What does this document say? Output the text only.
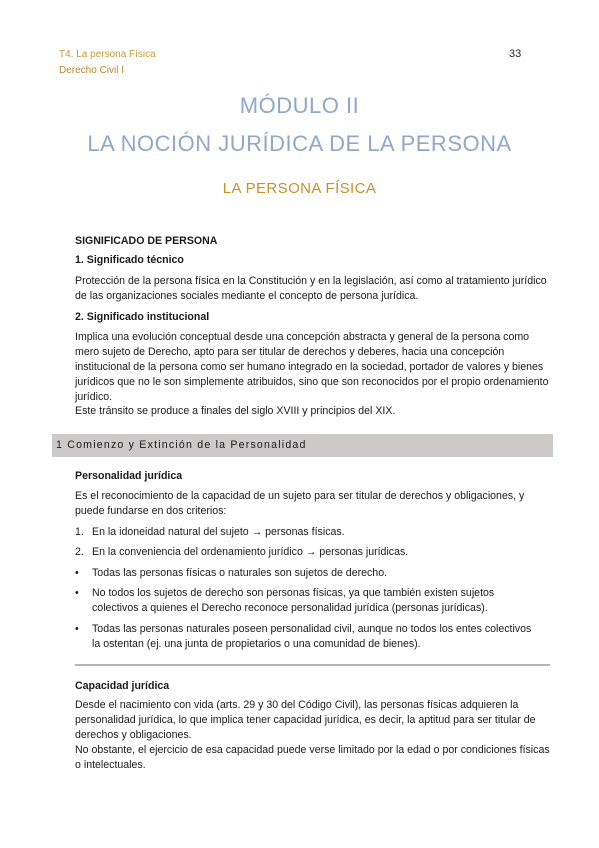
T4. La persona Física
Derecho Civil I
33
MÓDULO II
LA NOCIÓN JURÍDICA DE LA PERSONA
LA PERSONA FÍSICA
SIGNIFICADO DE PERSONA
1. Significado técnico
Protección de la persona física en la Constitución y en la legislación, así como al tratamiento jurídico de las organizaciones sociales mediante el concepto de persona jurídica.
2. Significado institucional
Implica una evolución conceptual desde una concepción abstracta y general de la persona como mero sujeto de Derecho, apto para ser titular de derechos y deberes, hacia una concepción institucional de la persona como ser humano integrado en la sociedad, portador de valores y bienes jurídicos que no le son simplemente atribuidos, sino que son reconocidos por el propio ordenamiento jurídico.
Este tránsito se produce a finales del siglo XVIII y principios del XIX.
1 Comienzo y Extinción de la Personalidad
Personalidad jurídica
Es el reconocimiento de la capacidad de un sujeto para ser titular de derechos y obligaciones, y puede fundarse en dos criterios:
1. En la idoneidad natural del sujeto → personas físicas.
2. En la conveniencia del ordenamiento jurídico → personas jurídicas.
•	Todas las personas físicas o naturales son sujetos de derecho.
•	No todos los sujetos de derecho son personas físicas, ya que también existen sujetos colectivos a quienes el Derecho reconoce personalidad jurídica (personas jurídicas).
•	Todas las personas naturales poseen personalidad civil, aunque no todos los entes colectivos la ostentan (ej. una junta de propietarios o una comunidad de bienes).
Capacidad jurídica
Desde el nacimiento con vida (arts. 29 y 30 del Código Civil), las personas físicas adquieren la personalidad jurídica, lo que implica tener capacidad jurídica, es decir, la aptitud para ser titular de derechos y obligaciones.
No obstante, el ejercicio de esa capacidad puede verse limitado por la edad o por condiciones físicas o intelectuales.
